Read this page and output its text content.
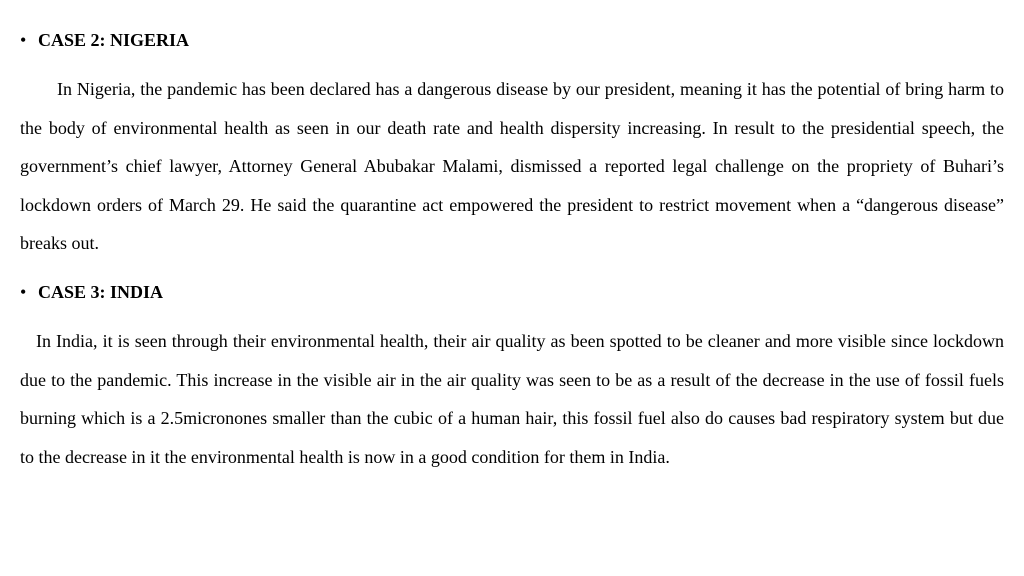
• CASE 2: NIGERIA

In Nigeria, the pandemic has been declared has a dangerous disease by our president, meaning it has the potential of bring harm to the body of environmental health as seen in our death rate and health dispersity increasing. In result to the presidential speech, the government’s chief lawyer, Attorney General Abubakar Malami, dismissed a reported legal challenge on the propriety of Buhari’s lockdown orders of March 29. He said the quarantine act empowered the president to restrict movement when a “dangerous disease” breaks out.

• CASE 3: INDIA

In India, it is seen through their environmental health, their air quality as been spotted to be cleaner and more visible since lockdown due to the pandemic. This increase in the visible air in the air quality was seen to be as a result of the decrease in the use of fossil fuels burning which is a 2.5micronones smaller than the cubic of a human hair, this fossil fuel also do causes bad respiratory system but due to the decrease in it the environmental health is now in a good condition for them in India.
